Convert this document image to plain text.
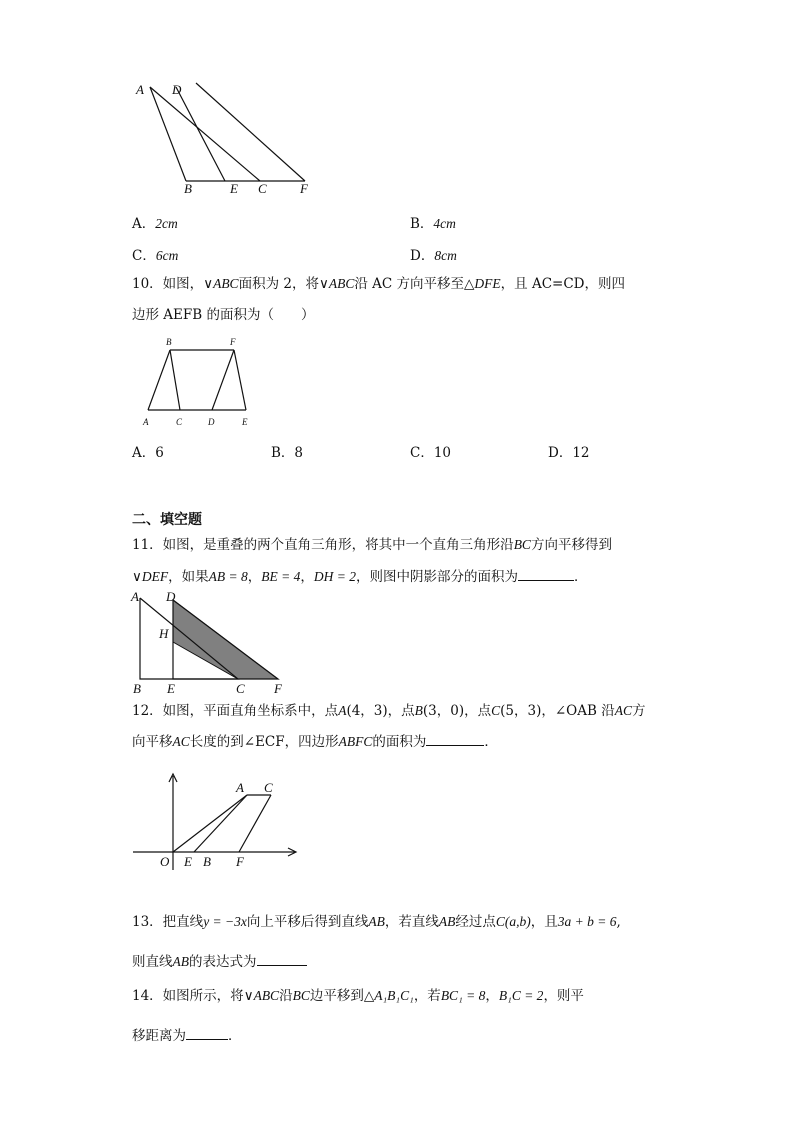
A D
B	E C	F
A．2cm	B．4cm
C．6cm	D．8cm
10．如图，∨ABC面积为 2，将∨ABC沿 AC 方向平移至△DFE，且 AC=CD，则四
边形 AEFB 的面积为（　　）
B	F
A	C	D	E
A．6	B．8	C．10	D．12
二、填空题
11．如图，是重叠的两个直角三角形，将其中一个直角三角形沿BC方向平移得到
∨DEF，如果AB = 8，BE = 4，DH = 2，则图中阴影部分的面积为	．
A D
H
B E	C F
12．如图，平面直角坐标系中，点A(4，3)，点B(3，0)，点C(5，3)，∠OAB 沿AC方
向平移AC长度的到∠ECF，四边形ABFC的面积为	．
A C
O E B F
13．把直线y = −3x向上平移后得到直线AB，若直线AB经过点C(a,b)，且3a + b = 6,
则直线AB的表达式为
14．如图所示，将∨ABC沿BC边平移到△A₁B₁C₁，若BC₁ = 8，B₁C = 2，则平
移距离为	．
